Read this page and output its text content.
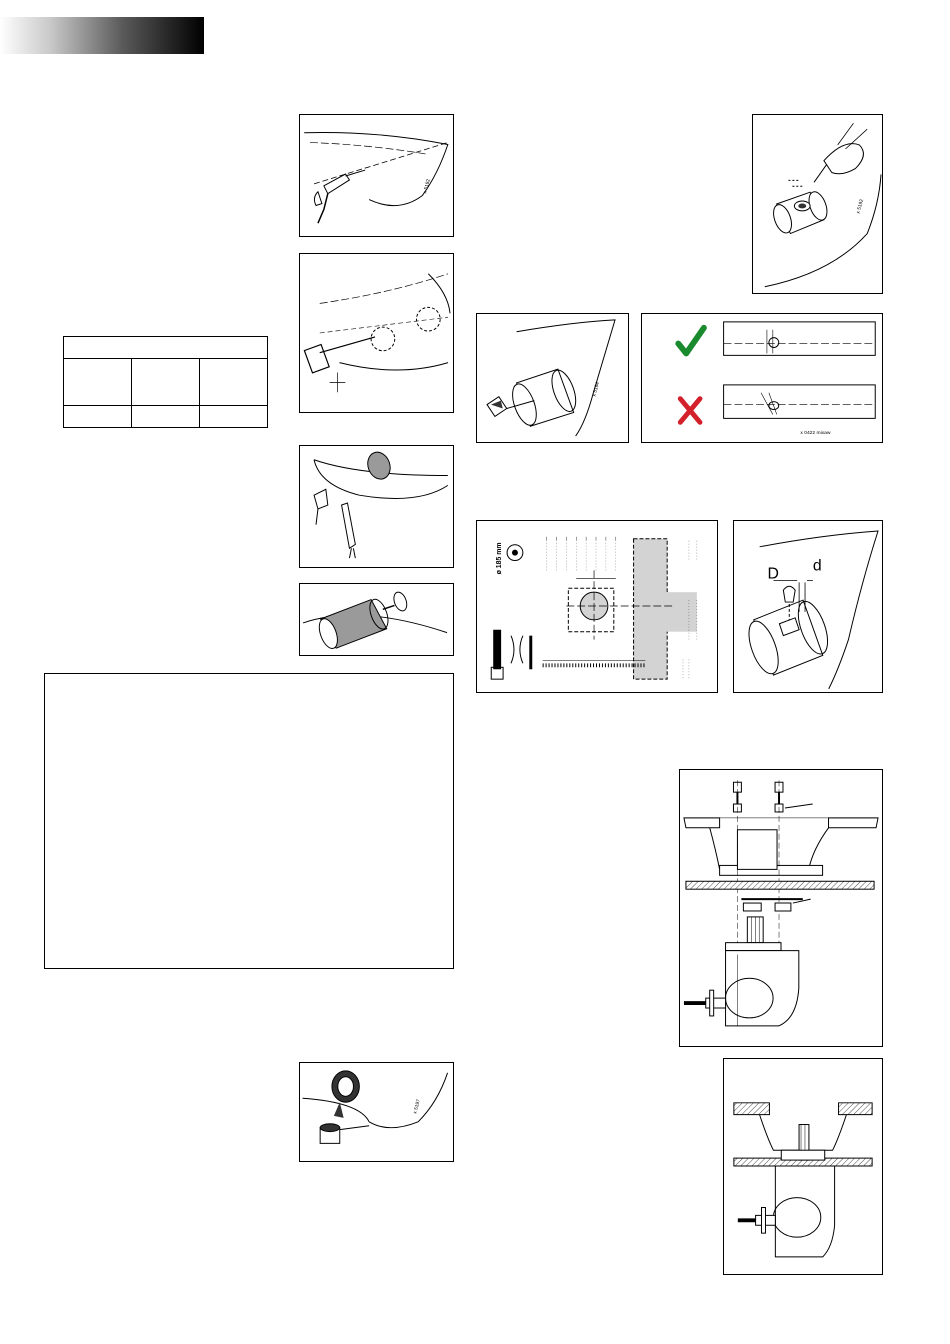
x 5192

x 5197
x 5192
x 5194
x 0422 mixaw
ø 185 mm	D d
